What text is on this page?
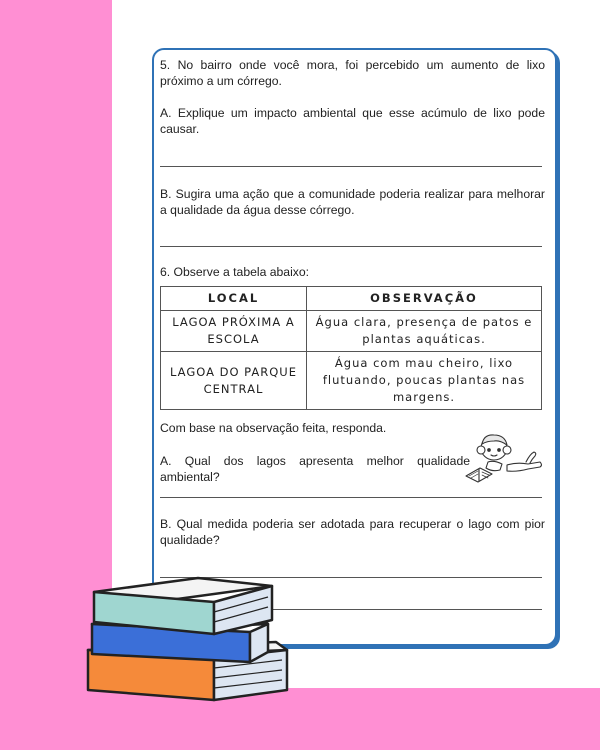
5. No bairro onde você mora, foi percebido um aumento de lixo próximo a um córrego.

A. Explique um impacto ambiental que esse acúmulo de lixo pode causar.

B. Sugira uma ação que a comunidade poderia realizar para melhorar a qualidade da água desse córrego.

6. Observe a tabela abaixo:

LOCAL	OBSERVAÇÃO
LAGOA PRÓXIMA A ESCOLA	Água clara, presença de patos e plantas aquáticas.
LAGOA DO PARQUE CENTRAL	Água com mau cheiro, lixo flutuando, poucas plantas nas margens.

Com base na observação feita, responda.

A. Qual dos lagos apresenta melhor qualidade ambiental?

B. Qual medida poderia ser adotada para recuperar o lago com pior qualidade?
